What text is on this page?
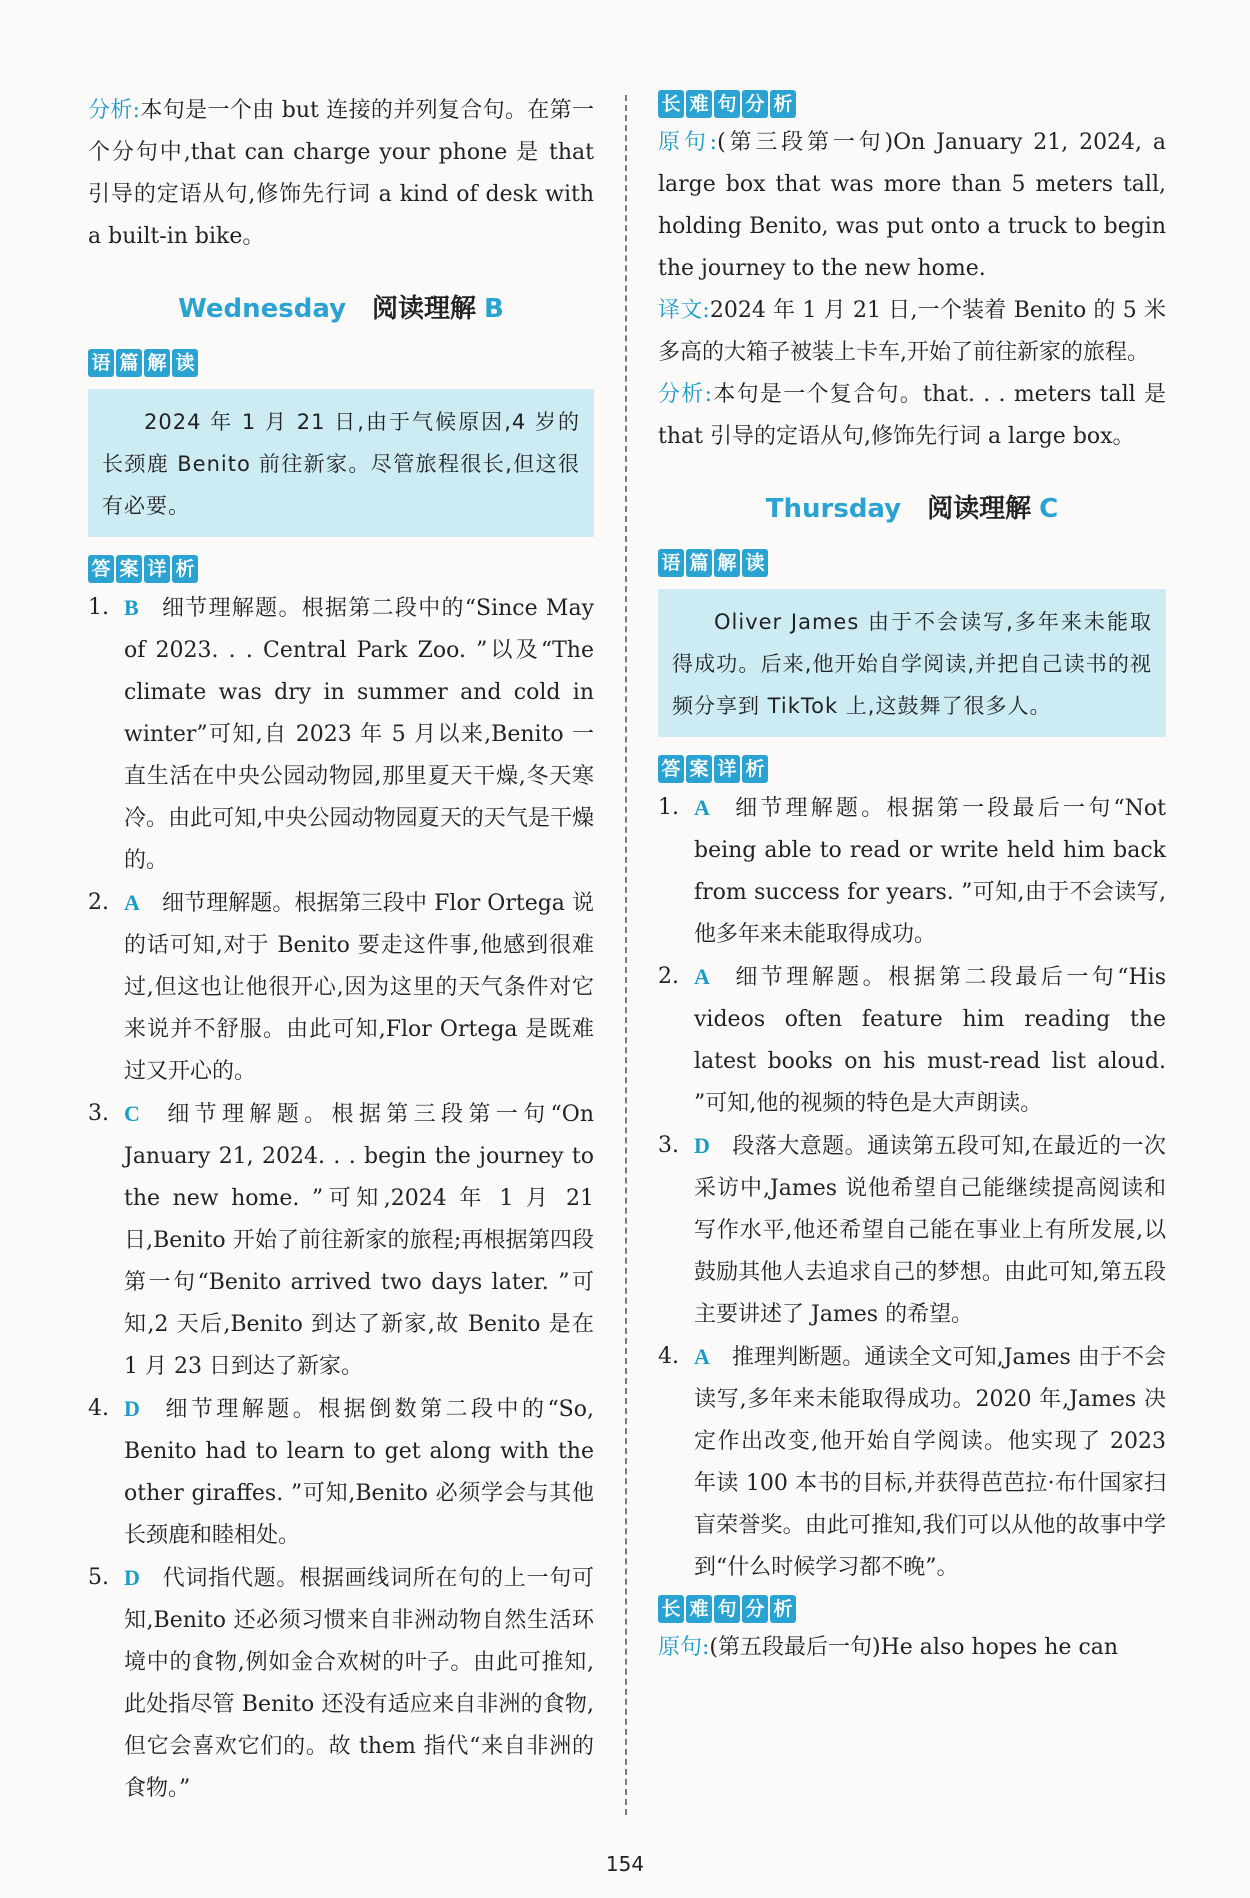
分析:本句是一个由 but 连接的并列复合句。在第一个分句中,that can charge your phone 是 that 引导的定语从句,修饰先行词 a kind of desk with a built-in bike。

Wednesday 阅读理解 B
语 篇 解 读

2024 年 1 月 21 日,由于气候原因,4 岁的长颈鹿 Benito 前往新家。尽管旅程很长,但这很有必要。

答 案 详 析
1. B 细节理解题。根据第二段中的“Since May of 2023. . . Central Park Zoo. ”以及“The climate was dry in summer and cold in winter”可知,自 2023 年 5 月以来,Benito 一直生活在中央公园动物园,那里夏天干燥,冬天寒冷。由此可知,中央公园动物园夏天的天气是干燥的。

2. A 细节理解题。根据第三段中 Flor Ortega 说的话可知,对于 Benito 要走这件事,他感到很难过,但这也让他很开心,因为这里的天气条件对它来说并不舒服。由此可知,Flor Ortega 是既难过又开心的。

3. C 细节理解题。根据第三段第一句“On January 21, 2024. . . begin the journey to the new home. ”可知,2024 年 1 月 21 日,Benito 开始了前往新家的旅程;再根据第四段第一句“Benito arrived two days later. ”可知,2 天后,Benito 到达了新家,故 Benito 是在 1 月 23 日到达了新家。

4. D 细节理解题。根据倒数第二段中的“So, Benito had to learn to get along with the other giraffes. ”可知,Benito 必须学会与其他长颈鹿和睦相处。

5. D 代词指代题。根据画线词所在句的上一句可知,Benito 还必须习惯来自非洲动物自然生活环境中的食物,例如金合欢树的叶子。由此可推知,此处指尽管 Benito 还没有适应来自非洲的食物,但它会喜欢它们的。故 them 指代“来自非洲的食物。”

长 难 句 分 析

原句:(第三段第一句)On January 21, 2024, a large box that was more than 5 meters tall, holding Benito, was put onto a truck to begin the journey to the new home.

译文:2024 年 1 月 21 日,一个装着 Benito 的 5 米多高的大箱子被装上卡车,开始了前往新家的旅程。

分析:本句是一个复合句。that. . . meters tall 是 that 引导的定语从句,修饰先行词 a large box。

Thursday 阅读理解 C
语 篇 解 读

Oliver James 由于不会读写,多年来未能取得成功。后来,他开始自学阅读,并把自己读书的视频分享到 TikTok 上,这鼓舞了很多人。

答 案 详 析
1. A 细节理解题。根据第一段最后一句“Not being able to read or write held him back from success for years. ”可知,由于不会读写,他多年来未能取得成功。

2. A 细节理解题。根据第二段最后一句“His videos often feature him reading the latest books on his must-read list aloud. ”可知,他的视频的特色是大声朗读。

3. D 段落大意题。通读第五段可知,在最近的一次采访中,James 说他希望自己能继续提高阅读和写作水平,他还希望自己能在事业上有所发展,以鼓励其他人去追求自己的梦想。由此可知,第五段主要讲述了 James 的希望。

4. A 推理判断题。通读全文可知,James 由于不会读写,多年来未能取得成功。2020 年,James 决定作出改变,他开始自学阅读。他实现了 2023 年读 100 本书的目标,并获得芭芭拉·布什国家扫盲荣誉奖。由此可推知,我们可以从他的故事中学到“什么时候学习都不晚”。

长 难 句 分 析

原句:(第五段最后一句)He also hopes he can

154
